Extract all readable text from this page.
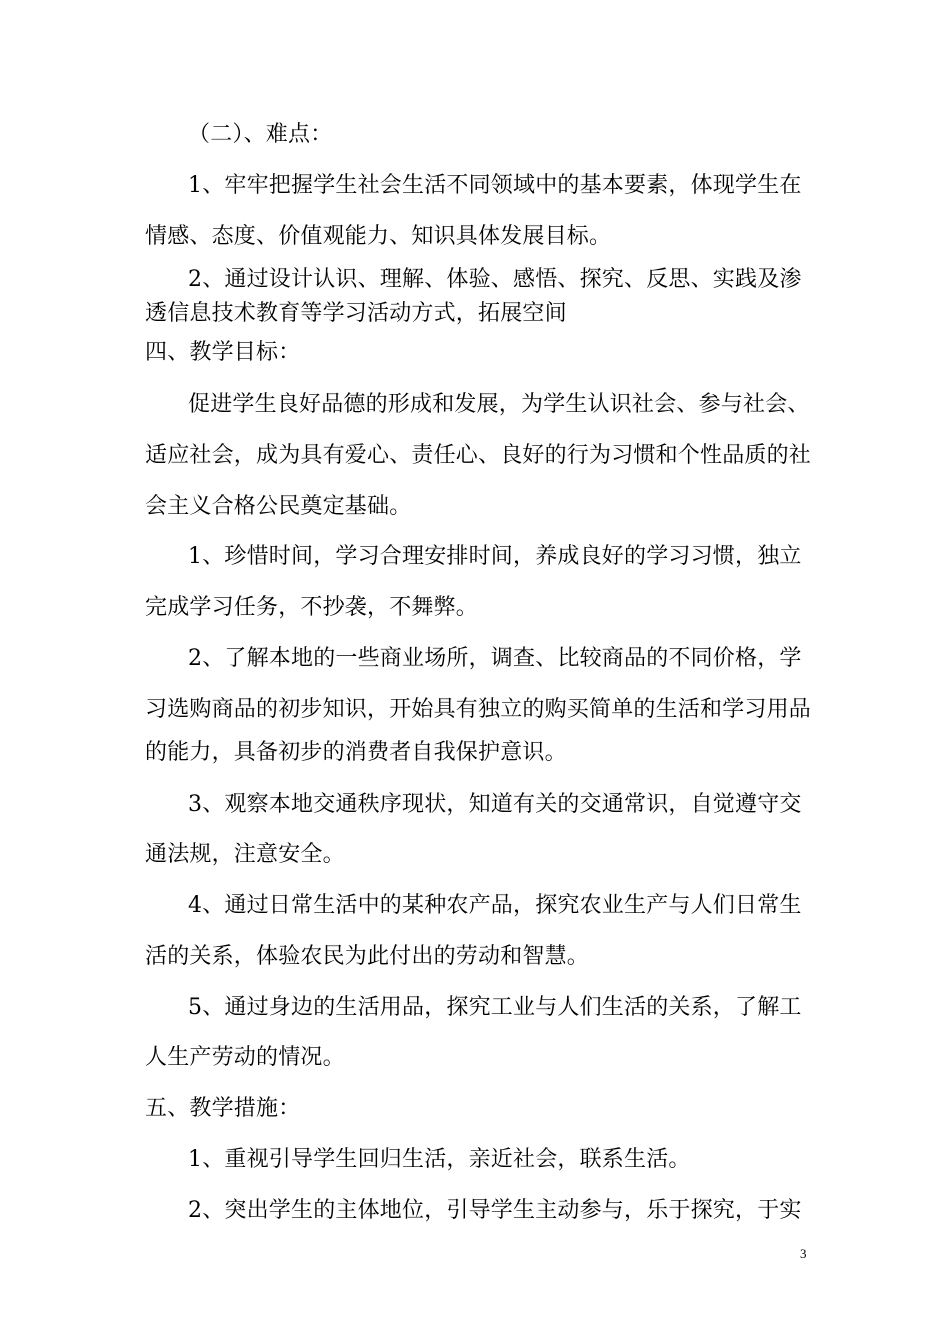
（二）、难点：
1、牢牢把握学生社会生活不同领域中的基本要素，体现学生在
情感、态度、价值观能力、知识具体发展目标。
2、通过设计认识、理解、体验、感悟、探究、反思、实践及渗
透信息技术教育等学习活动方式，拓展空间
四、教学目标：
促进学生良好品德的形成和发展，为学生认识社会、参与社会、
适应社会，成为具有爱心、责任心、良好的行为习惯和个性品质的社
会主义合格公民奠定基础。
1、珍惜时间，学习合理安排时间，养成良好的学习习惯，独立
完成学习任务，不抄袭，不舞弊。
2、了解本地的一些商业场所，调查、比较商品的不同价格，学
习选购商品的初步知识，开始具有独立的购买简单的生活和学习用品
的能力，具备初步的消费者自我保护意识。
3、观察本地交通秩序现状，知道有关的交通常识，自觉遵守交
通法规，注意安全。
4、通过日常生活中的某种农产品，探究农业生产与人们日常生
活的关系，体验农民为此付出的劳动和智慧。
5、通过身边的生活用品，探究工业与人们生活的关系，了解工
人生产劳动的情况。
五、教学措施：
1、重视引导学生回归生活，亲近社会，联系生活。
2、突出学生的主体地位，引导学生主动参与，乐于探究，于实
3
